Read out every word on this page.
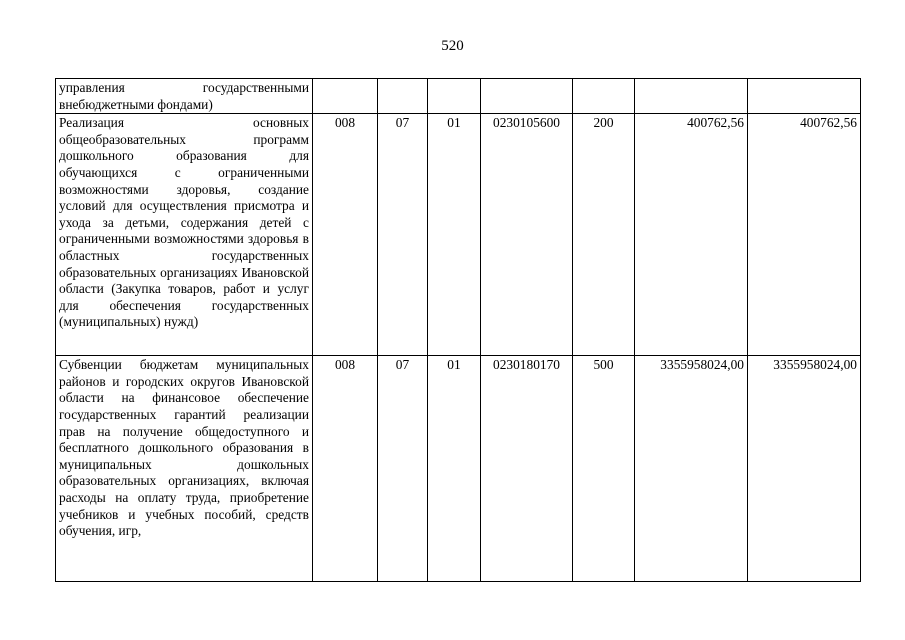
520
управления государственными внебюджетными фондами)							
Реализация основных общеобразовательных программ дошкольного образования для обучающихся с ограниченными возможностями здоровья, создание условий для осуществления присмотра и ухода за детьми, содержания детей с ограниченными возможностями здоровья в областных государственных образовательных организациях Ивановской области (Закупка товаров, работ и услуг для обеспечения государственных (муниципальных) нужд)	008	07	01	0230105600	200	400762,56	400762,56
Субвенции бюджетам муниципальных районов и городских округов Ивановской области на финансовое обеспечение государственных гарантий реализации прав на получение общедоступного и бесплатного дошкольного образования в муниципальных дошкольных образовательных организациях, включая расходы на оплату труда, приобретение учебников и учебных пособий, средств обучения, игр,	008	07	01	0230180170	500	3355958024,00	3355958024,00
